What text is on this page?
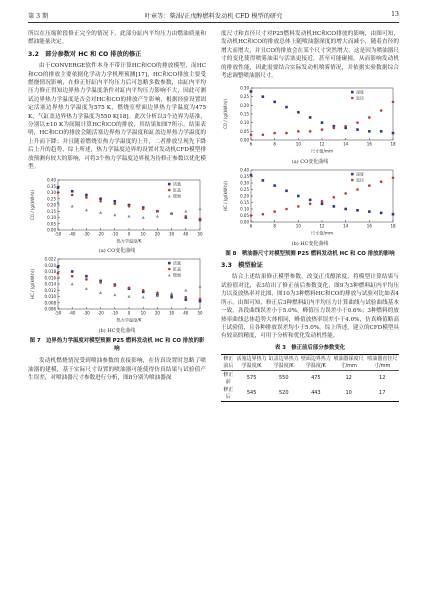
第 3 期	叶章等：柴油/正戊醇燃料发动机 CFD 模型的研究	13

所以在压缩阶段修正完全的情况下，此部分缸内平均压力由燃油质量和燃油能量决定。

3.2　部分参数对 HC 和 CO 排放的修正

由于CONVERGE软件本身不带计算HC和CO的排放模型，而HC和CO的排放主要依据化学动力学机理预测[17]，HC和CO排放主要受燃烧情况影响，在修正好缸内平均压力后可忽略多数参数，由缸内平均压力修正得知边界热力学温度条件对缸内平均压力影响不大，因此可测试边界热力学温度是否会对HC和CO的排放产生影响，根据经验设置固定活塞边界热力学温度为575 K，燃烧室壁面边界热力学温度为475 K，气缸盖边界热力学温度为550 K[18]。此次分析以3个边界为基准，分别以±10 K为间隔计算HC和CO的排放，其结果如图7所示，结果表明，HC和CO的排放会随活塞边界热力学温度和缸盖边界热力学温度的上升而下降；并且随着燃烧室热力学温度的上升，二者排放呈现先下降后上升的趋势，综上所述，热力学温度边界的设置对发动机CFD模型排放预测有较大的影响，可将3个热力学温度边界视为待修正参数以优化模型。

0.00
0.05
0.10
0.15
0.20
0.25
0.30
0.35
0.40
-50 -40 -30 -20 -10 0	10 20 30 40 50
热力学温度/K
CO / (g/(kW·h))
活塞
缸盖
壁面
(a) CO变化曲线
0.006
0.008
0.010
0.012
0.014
0.016
0.018
0.020
0.022
-50 -40 -30 -20 -10 0	10 20 30 40 50
热力学温度/K
HC / (g/(kW·h))
活塞
缸盖
壁面
(b) HC变化曲线
图 7　边界热力学温度对模型预测 P25 燃料发动机 HC 和 CO 排放的影响

发动机燃烧情况受到喷油参数的直接影响，在仿真设置时忽略了喷油器的建模，基于实际尺寸设置的喷油器可能使得仿真结果与试验值产生误差，对喷油器尺寸参数进行分析，图8分别为喷油器深

度尺寸和直径尺寸对P25燃料发动机HC和CO排放的影响，由图可知，发动机HC和CO的排放总体上随喷油器深度的增大而减小，随着直径的增大而增大，并且CO的排放会在某个尺寸突然增大，这是因为喷油器尺寸的变化使得喷雾油束与活塞更接近，甚至可能碰撞，从而影响发动机的排放性能，因此需要结合实际发动机喷雾情况，并依据实验数据综合考虑调整喷油器尺寸。

0.00
0.05
0.10
0.15
0.20
0.25
0.30
6	8	10	12	14	16	18
尺寸值/mm
CO / (g/(kW·h))
深度
直径
(a) CO变化曲线
0.00
0.05
0.10
0.15
0.20
0.25
0.30
0.35
0.40
6	8	10	12	14	16	18
尺寸值/mm
HC / (g/(kW·h))
深度
直径
(b) HC变化曲线
图 8　喷油器尺寸对模型预测 P25 燃料发动机 HC 和 CO 排放的影响
3.3　模型验证

结合上述结果修正模型参数，改变正戊醇浓度，将模型计算结果与试验值对比，表3给出了修正前后参数变化，图9为3种燃料缸内平均压力以及放热率对比图，图10为3种燃料HC和CO的排放与试验对比如表4所示。由图可知，修正后3种燃料缸内平均压力计算曲线与试验曲线基本一致，各段曲线误差小于5.0%，峰值压力误差小于0.6%；3种燃料的放热率曲线总体趋势大体相同，峰值放热率误差小于4.0%，仿真峰值略高于试验值，且各种排放误差均小于5.0%。综上所述，建立的CFD模型具有较高的精度，可用于分析和优化发动机性能。

表 3　修正前后部分参数变化
修正前后	活塞边界热力学温度/K	缸盖边界热力学温度/K	壁面边界热力学温度/K	喷油器深度尺寸/mm	喷油器直径尺寸/mm
修正前	575	550	475	12	12
修正后	545	520	443	10	17
